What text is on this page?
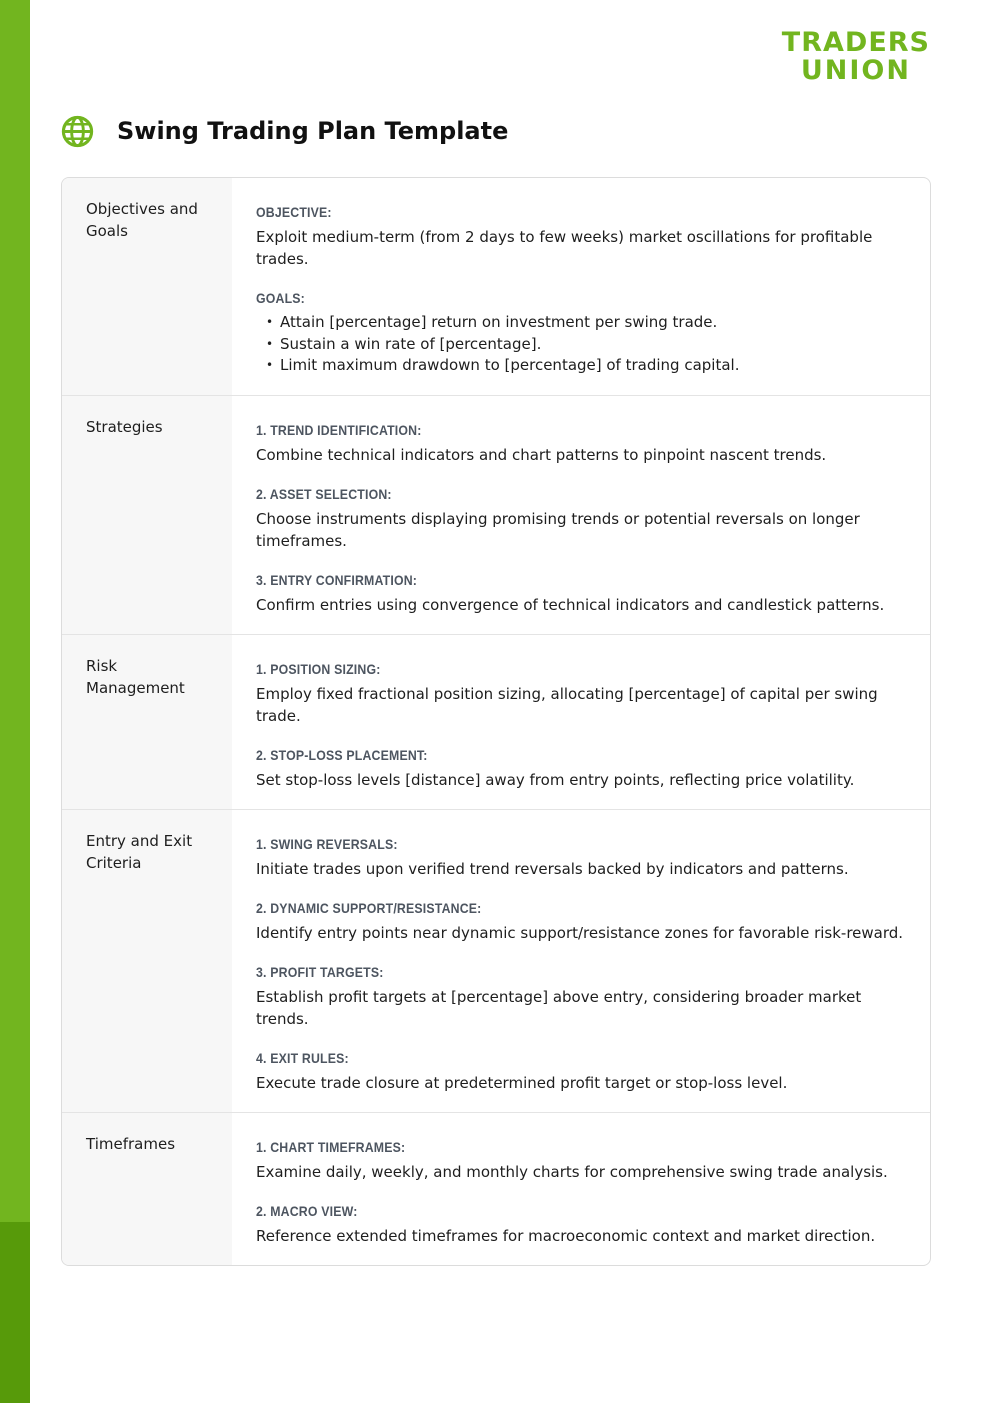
TRADERS
UNION
Swing Trading Plan Template
Objectives and Goals
OBJECTIVE:
Exploit medium-term (from 2 days to few weeks) market oscillations for profitable trades.
GOALS:
• Attain [percentage] return on investment per swing trade.
• Sustain a win rate of [percentage].
• Limit maximum drawdown to [percentage] of trading capital.
Strategies	1. TREND IDENTIFICATION:
Combine technical indicators and chart patterns to pinpoint nascent trends.
2. ASSET SELECTION:
Choose instruments displaying promising trends or potential reversals on longer timeframes.
3. ENTRY CONFIRMATION:
Confirm entries using convergence of technical indicators and candlestick patterns.
Risk Management
1. POSITION SIZING:
Employ fixed fractional position sizing, allocating [percentage] of capital per swing trade.
2. STOP-LOSS PLACEMENT:
Set stop-loss levels [distance] away from entry points, reflecting price volatility.
Entry and Exit Criteria
1. SWING REVERSALS:
Initiate trades upon verified trend reversals backed by indicators and patterns.
2. DYNAMIC SUPPORT/RESISTANCE:
Identify entry points near dynamic support/resistance zones for favorable risk-reward.
3. PROFIT TARGETS:
Establish profit targets at [percentage] above entry, considering broader market trends.
4. EXIT RULES:
Execute trade closure at predetermined profit target or stop-loss level.
Timeframes	1. CHART TIMEFRAMES:
Examine daily, weekly, and monthly charts for comprehensive swing trade analysis.
2. MACRO VIEW:
Reference extended timeframes for macroeconomic context and market direction.
